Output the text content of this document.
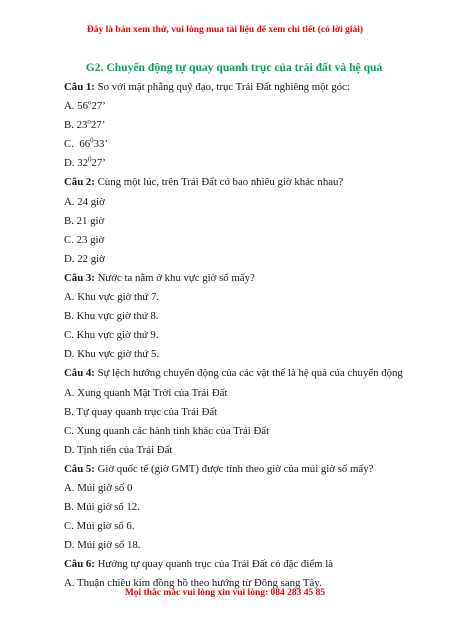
Đây là bản xem thử, vui lòng mua tài liệu để xem chi tiết (có lời giải)
G2. Chuyển động tự quay quanh trục của trái đất và hệ quả

Câu 1: So với mặt phẳng quỹ đạo, trục Trái Đất nghiêng một góc:

A. 56$^o$27’

B. 23$^o$27’

C.  $66^033$’

D. $32^027$’

Câu 2: Cùng một lúc, trên Trái Đất có bao nhiêu giờ khác nhau?

A. 24 giờ

B. 21 giờ

C. 23 giờ

D. 22 giờ

Câu 3: Nước ta nằm ở khu vực giờ số mấy?

A. Khu vực giờ thứ 7.

B. Khu vực giờ thứ 8.

C. Khu vực giờ thứ 9.

D. Khu vực giờ thứ 5.

Câu 4: Sự lệch hướng chuyển động của các vật thể là hệ quả của chuyển động

A. Xung quanh Mặt Trời của Trái Đất

B. Tự quay quanh trục của Trái Đất

C. Xung quanh các hành tinh khác của Trái Đất

D. Tịnh tiến của Trái Đất

Câu 5: Giờ quốc tế (giờ GMT) được tính theo giờ của múi giờ số mấy?

A. Múi giờ số 0

B. Múi giờ số 12.

C. Múi giờ số 6.

D. Múi giờ số 18.

Câu 6: Hướng tự quay quanh trục của Trái Đất có đặc điểm là

A. Thuận chiều kim đồng hồ theo hướng từ Đông sang Tây.

Mọi thắc mắc vui lòng xin vui lòng: 084 283 45 85
